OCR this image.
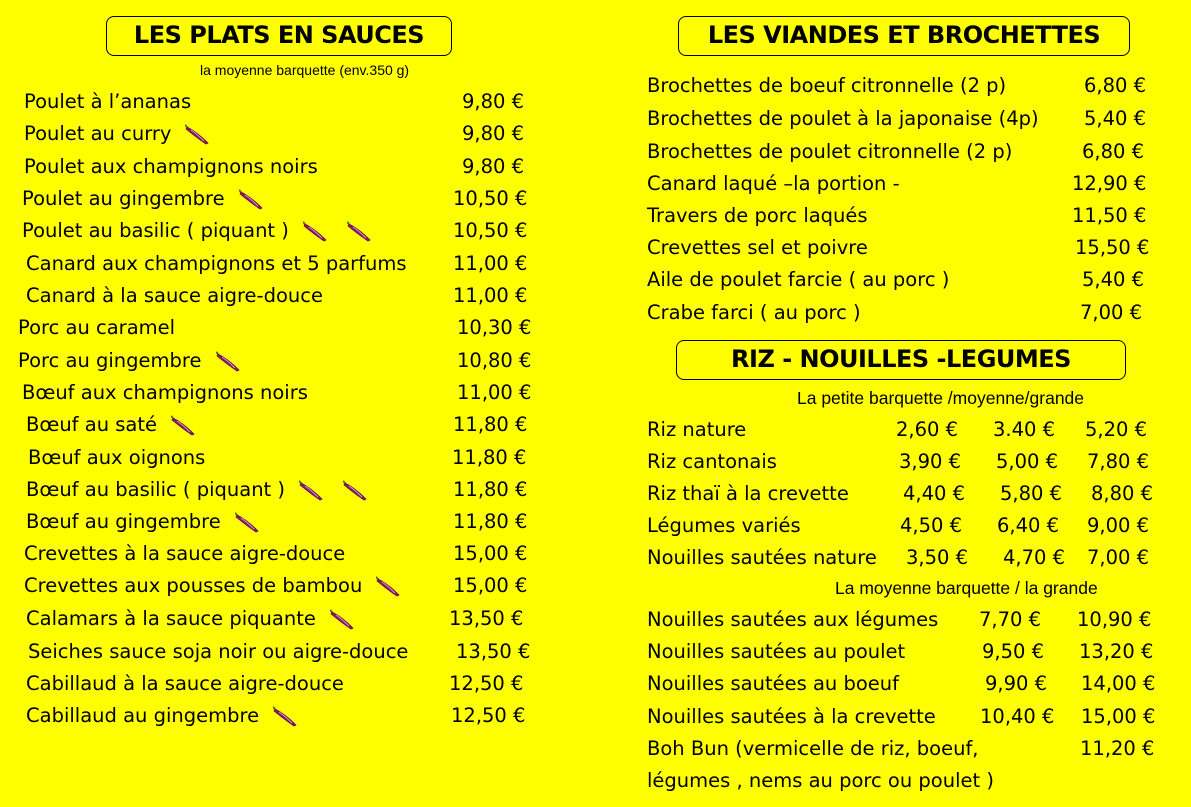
LES PLATS EN SAUCES
la moyenne barquette (env.350 g)
Poulet à l’ananas	9,80 €
Poulet au curry	9,80 €
Poulet aux champignons noirs	9,80 €
Poulet au gingembre	10,50 €
Poulet au basilic ( piquant )	10,50 €
Canard aux champignons et 5 parfums 11,00 €
Canard à la sauce aigre-douce	11,00 €
Porc au caramel	10,30 €
Porc au gingembre	10,80 €
Bœuf aux champignons noirs	11,00 €
Bœuf au saté	11,80 €
Bœuf aux oignons	11,80 €
Bœuf au basilic ( piquant )	11,80 €
Bœuf au gingembre	11,80 €
Crevettes à la sauce aigre-douce	15,00 €
Crevettes aux pousses de bambou	15,00 €
Calamars à la sauce piquante	13,50 €
Seiches sauce soja noir ou aigre-douce 13,50 €
Cabillaud à la sauce aigre-douce	12,50 €
Cabillaud au gingembre	12,50 €
LES VIANDES ET BROCHETTES
Brochettes de boeuf citronnelle (2 p)	6,80 €
Brochettes de poulet à la japonaise (4p) 5,40 €
Brochettes de poulet citronnelle (2 p)	6,80 €
Canard laqué –la portion -	12,90 €
Travers de porc laqués	11,50 €
Crevettes sel et poivre	15,50 €
Aile de poulet farcie ( au porc )	5,40 €
Crabe farci ( au porc )	7,00 €
RIZ - NOUILLES -LEGUMES
La petite barquette /moyenne/grande
Riz nature	2,60 € 3.40 € 5,20 €
Riz cantonais	3,90 € 5,00 € 7,80 €
Riz thaï à la crevette	4,40 € 5,80 € 8,80 €
Légumes variés	4,50 € 6,40 € 9,00 €
Nouilles sautées nature 3,50 € 4,70 € 7,00 €
La moyenne barquette / la grande
Nouilles sautées aux légumes 7,70 € 10,90 €
Nouilles sautées au poulet	9,50 € 13,20 €
Nouilles sautées au boeuf	9,90 € 14,00 €
Nouilles sautées à la crevette 10,40 € 15,00 €
Boh Bun (vermicelle de riz, boeuf,	11,20 €
légumes , nems au porc ou poulet )
